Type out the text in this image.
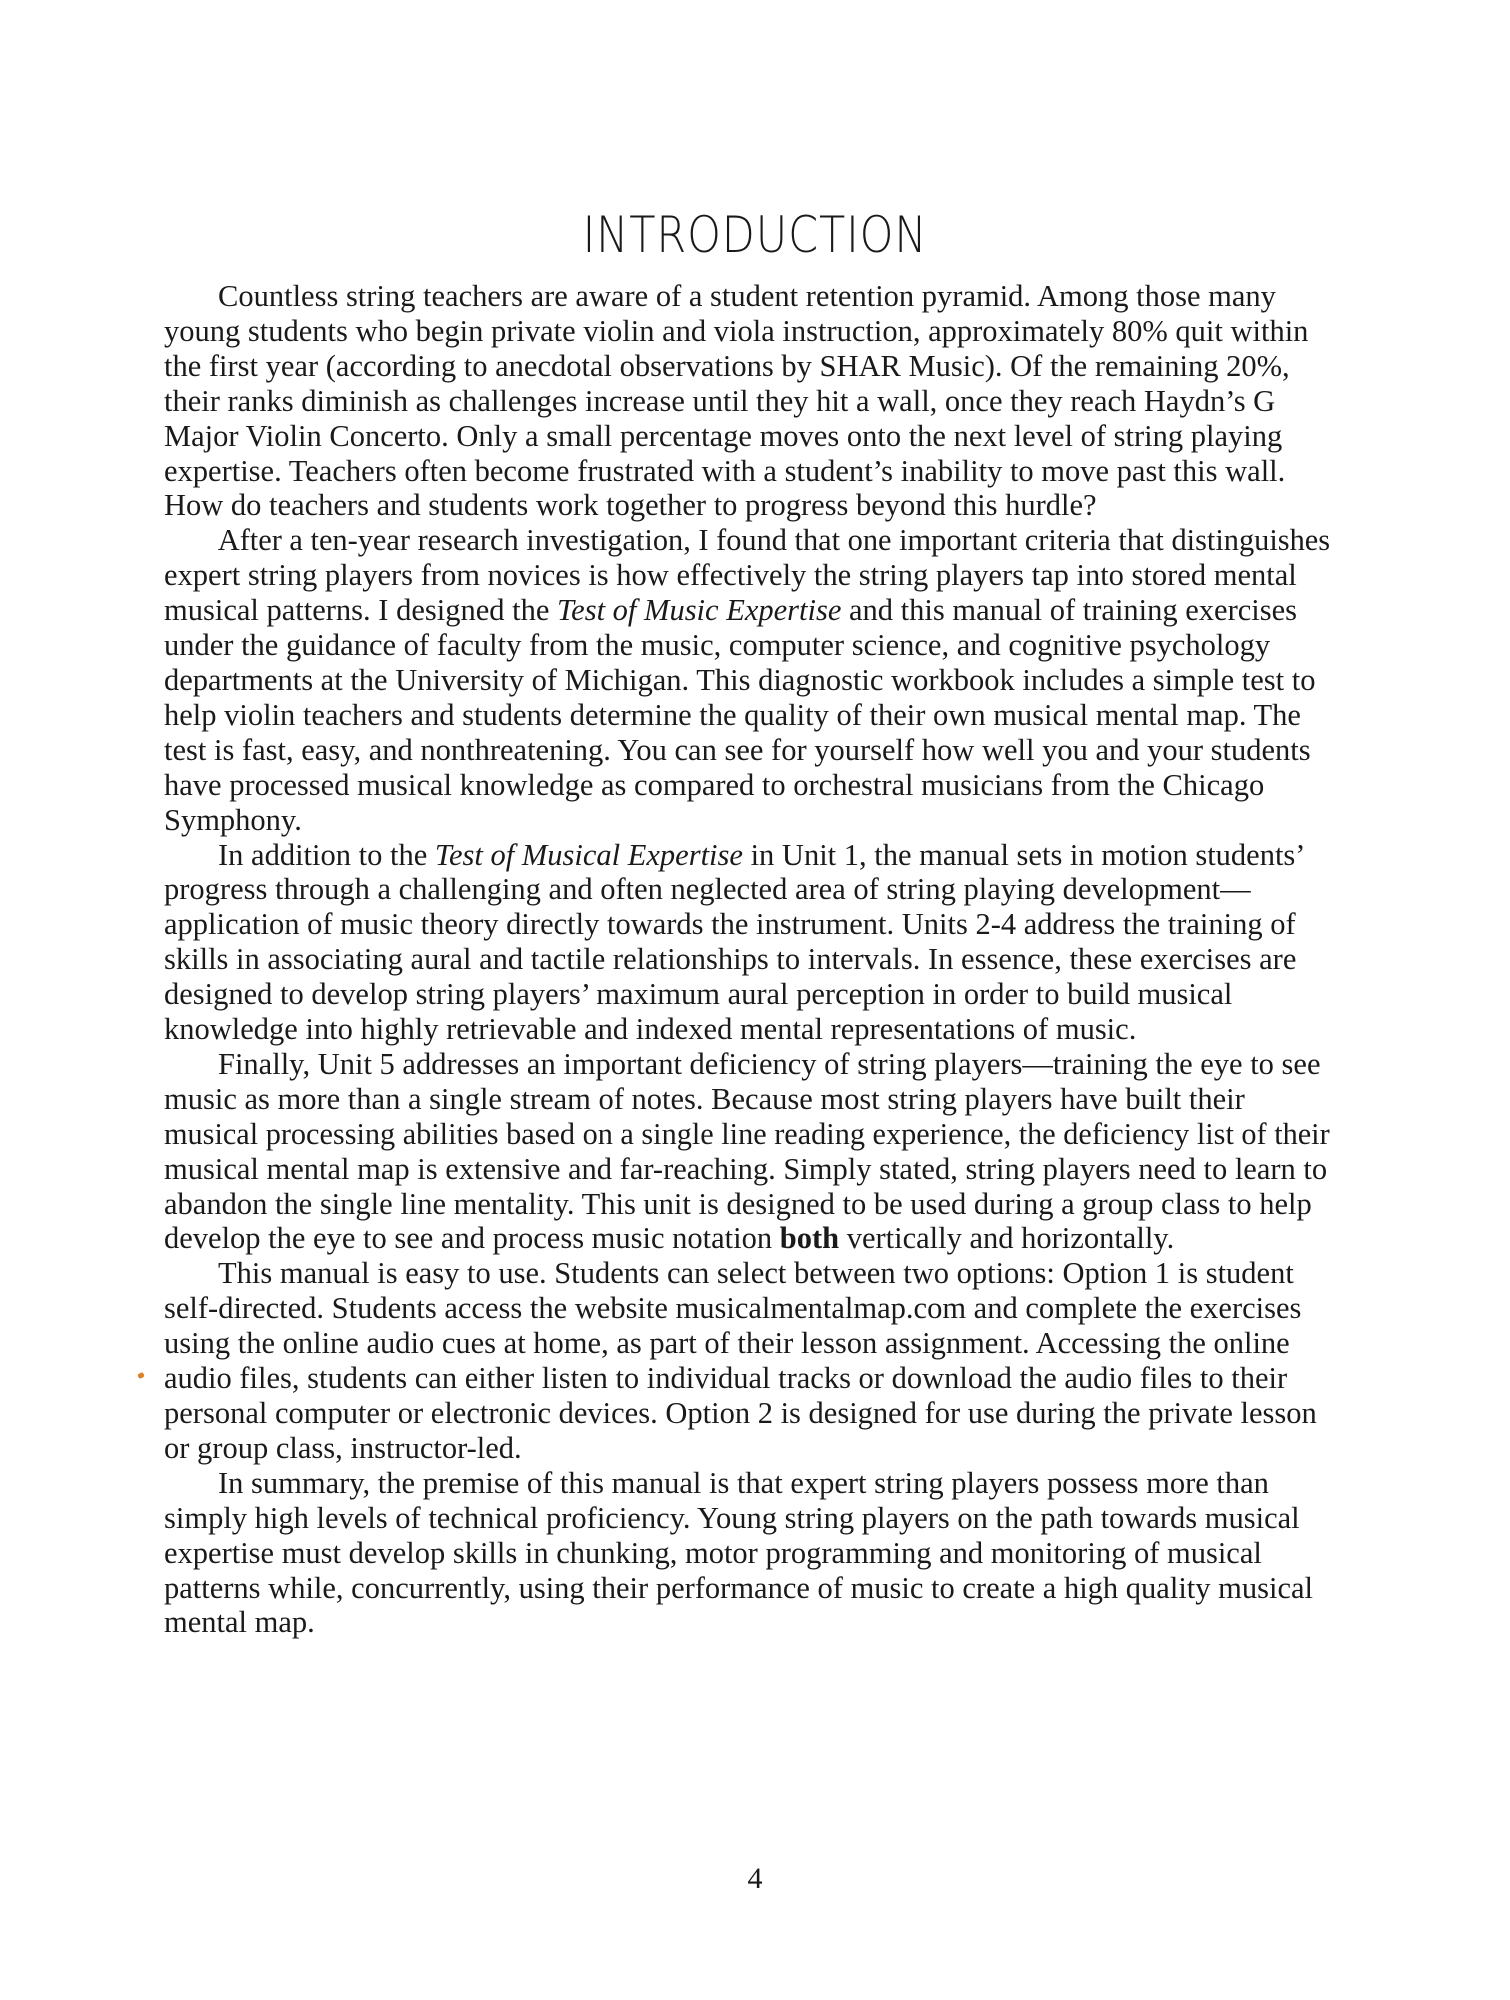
INTRODUCTION
Countless string teachers are aware of a student retention pyramid. Among those many
young students who begin private violin and viola instruction, approximately 80% quit within
the first year (according to anecdotal observations by SHAR Music). Of the remaining 20%,
their ranks diminish as challenges increase until they hit a wall, once they reach Haydn’s G
Major Violin Concerto. Only a small percentage moves onto the next level of string playing
expertise. Teachers often become frustrated with a student’s inability to move past this wall.
How do teachers and students work together to progress beyond this hurdle?
After a ten-year research investigation, I found that one important criteria that distinguishes
expert string players from novices is how effectively the string players tap into stored mental
musical patterns. I designed the Test of Music Expertise and this manual of training exercises
under the guidance of faculty from the music, computer science, and cognitive psychology
departments at the University of Michigan. This diagnostic workbook includes a simple test to
help violin teachers and students determine the quality of their own musical mental map. The
test is fast, easy, and nonthreatening. You can see for yourself how well you and your students
have processed musical knowledge as compared to orchestral musicians from the Chicago
Symphony.
In addition to the Test of Musical Expertise in Unit 1, the manual sets in motion students’
progress through a challenging and often neglected area of string playing development—
application of music theory directly towards the instrument. Units 2-4 address the training of
skills in associating aural and tactile relationships to intervals. In essence, these exercises are
designed to develop string players’ maximum aural perception in order to build musical
knowledge into highly retrievable and indexed mental representations of music.
Finally, Unit 5 addresses an important deficiency of string players—training the eye to see
music as more than a single stream of notes. Because most string players have built their
musical processing abilities based on a single line reading experience, the deficiency list of their
musical mental map is extensive and far-reaching. Simply stated, string players need to learn to
abandon the single line mentality. This unit is designed to be used during a group class to help
develop the eye to see and process music notation both vertically and horizontally.
This manual is easy to use. Students can select between two options: Option 1 is student
self-directed. Students access the website musicalmentalmap.com and complete the exercises
using the online audio cues at home, as part of their lesson assignment. Accessing the online
audio files, students can either listen to individual tracks or download the audio files to their
personal computer or electronic devices. Option 2 is designed for use during the private lesson
or group class, instructor-led.
In summary, the premise of this manual is that expert string players possess more than
simply high levels of technical proficiency. Young string players on the path towards musical
expertise must develop skills in chunking, motor programming and monitoring of musical
patterns while, concurrently, using their performance of music to create a high quality musical
mental map.
4
